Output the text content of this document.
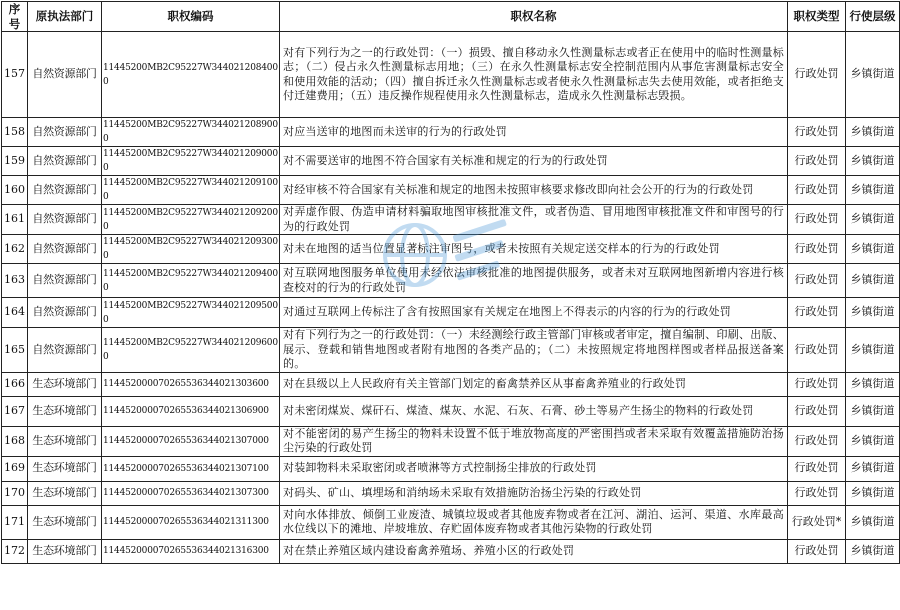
序号	原执法部门	职权编码	职权名称	职权类型	行使层级
157	自然资源部门	11445200MB2C95227W3440212084000	对有下列行为之一的行政处罚：（一）损毁、擅自移动永久性测量标志或者正在使用中的临时性测量标志；（二）侵占永久性测量标志用地；（三）在永久性测量标志安全控制范围内从事危害测量标志安全和使用效能的活动；（四）擅自拆迁永久性测量标志或者使永久性测量标志失去使用效能，或者拒绝支付迁建费用；（五）违反操作规程使用永久性测量标志，造成永久性测量标志毁损。	行政处罚	乡镇街道
158	自然资源部门	11445200MB2C95227W3440212089000	对应当送审的地图而未送审的行为的行政处罚	行政处罚	乡镇街道
159	自然资源部门	11445200MB2C95227W3440212090000	对不需要送审的地图不符合国家有关标准和规定的行为的行政处罚	行政处罚	乡镇街道
160	自然资源部门	11445200MB2C95227W3440212091000	对经审核不符合国家有关标准和规定的地图未按照审核要求修改即向社会公开的行为的行政处罚	行政处罚	乡镇街道
161	自然资源部门	11445200MB2C95227W3440212092000	对弄虚作假、伪造申请材料骗取地图审核批准文件，或者伪造、冒用地图审核批准文件和审图号的行为的行政处罚	行政处罚	乡镇街道
162	自然资源部门	11445200MB2C95227W3440212093000	对未在地图的适当位置显著标注审图号，或者未按照有关规定送交样本的行为的行政处罚	行政处罚	乡镇街道
163	自然资源部门	11445200MB2C95227W3440212094000	对互联网地图服务单位使用未经依法审核批准的地图提供服务，或者未对互联网地图新增内容进行核查校对的行为的行政处罚	行政处罚	乡镇街道
164	自然资源部门	11445200MB2C95227W3440212095000	对通过互联网上传标注了含有按照国家有关规定在地图上不得表示的内容的行为的行政处罚	行政处罚	乡镇街道
165	自然资源部门	11445200MB2C95227W3440212096000	对有下列行为之一的行政处罚：（一）未经测绘行政主管部门审核或者审定，擅自编制、印刷、出版、展示、登载和销售地图或者附有地图的各类产品的；（二）未按照规定将地图样图或者样品报送备案的。	行政处罚	乡镇街道
166	生态环境部门	114452000070265536344021303600	对在县级以上人民政府有关主管部门划定的畜禽禁养区从事畜禽养殖业的行政处罚	行政处罚	乡镇街道
167	生态环境部门	114452000070265536344021306900	对未密闭煤炭、煤矸石、煤渣、煤灰、水泥、石灰、石膏、砂土等易产生扬尘的物料的行政处罚	行政处罚	乡镇街道
168	生态环境部门	114452000070265536344021307000	对不能密闭的易产生扬尘的物料未设置不低于堆放物高度的严密围挡或者未采取有效覆盖措施防治扬尘污染的行政处罚	行政处罚	乡镇街道
169	生态环境部门	114452000070265536344021307100	对装卸物料未采取密闭或者喷淋等方式控制扬尘排放的行政处罚	行政处罚	乡镇街道
170	生态环境部门	114452000070265536344021307300	对码头、矿山、填埋场和消纳场未采取有效措施防治扬尘污染的行政处罚	行政处罚	乡镇街道
171	生态环境部门	114452000070265536344021311300	对向水体排放、倾倒工业废渣、城镇垃圾或者其他废弃物或者在江河、湖泊、运河、渠道、水库最高水位线以下的滩地、岸坡堆放、存贮固体废弃物或者其他污染物的行政处罚	行政处罚*	乡镇街道
172	生态环境部门	114452000070265536344021316300	对在禁止养殖区域内建设畜禽养殖场、养殖小区的行政处罚	行政处罚	乡镇街道
